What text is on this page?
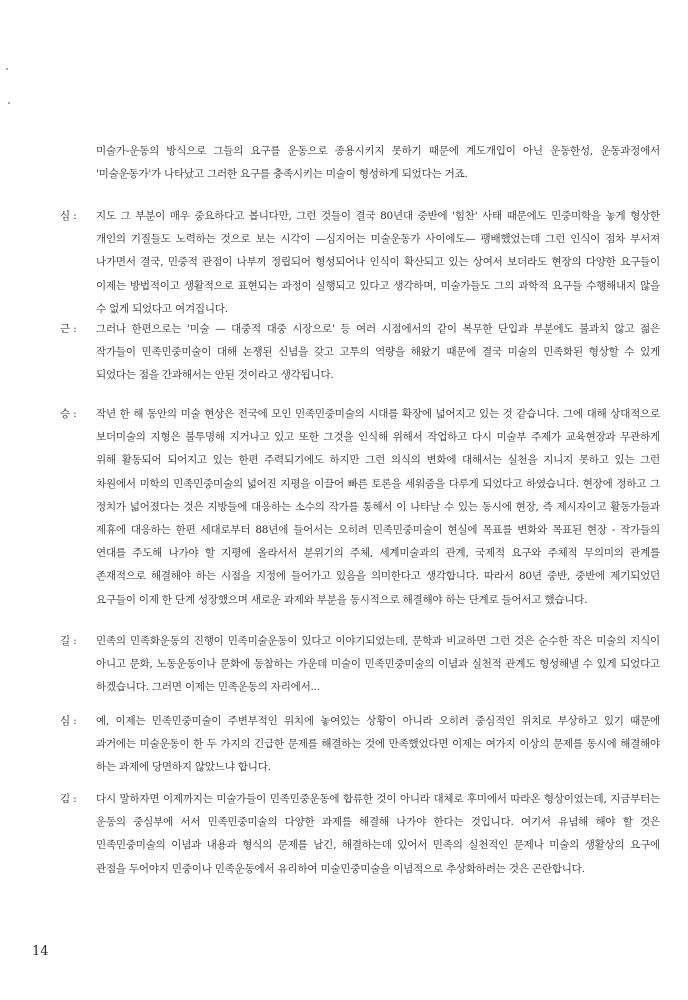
미술가-운동의 방식으로 그들의 요구를 운동으로 종용시키지 못하기 때문에 계도개입이 아닌 운동한성, 운동과정에서 '미술운동가'가 나타났고 그러한 요구를 충족시키는 미술이 형성하게 되었다는 거죠.
심 :	지도 그 부분이 매우 중요하다고 봅니다만, 그런 것들이 결국 80년대 중반에 '힘찬' 사태 때문에도 민중미학을 놓게 형상한 개인의 기질들도 노력하는 것으로 보는 시각이 —심지어는 미술운동가 사이에도— 팽배했었는데 그런 인식이 점차 부서져 나가면서 결국, 민중적 관점이 나부끼 정립되어 형성되어나 인식이 확산되고 있는 상여서 보더라도 현장의 다양한 요구들이 이제는 방법적이고 생활적으로 표현되는 과정이 실행되고 있다고 생각하며, 미술가들도 그의 과학적 요구들 수행해내지 않을 수 없게 되었다고 여겨집니다.
근 :	그러나 한편으로는 '미술 — 대중적 대중 시장으로' 등 여러 시점에서의 같이 복무한 단입과 부분에도 불과치 않고 젊은 작가들이 민족민중미술이 대해 논쟁된 신념을 갖고 고투의 역량을 해왔기 때문에 결국 미술의 민족화된 형상할 수 있게 되었다는 점을 간과해서는 안된 것이라고 생각됩니다.
승 :	작년 한 해 동안의 미술 현상은 전국에 모인 민족민중미술의 시대를 확장에 넓어지고 있는 것 같습니다. 그에 대해 상대적으로 보더미술의 지형은 불투명해 지거나고 있고 또한 그것을 인식해 위해서 작업하고 다시 미술부 주제가 교육현장과 무관하게 위해 활동되어 되어지고 있는 한편 주력되기에도 하지만 그런 의식의 변화에 대해서는 실천을 지니지 못하고 있는 그런 차원에서 미학의 민족민중미술의 넓어진 지평을 이끌어 빠른 토론을 세워줌을 다루게 되었다고 하였습니다. 현장에 정하고 그 정치가 넓어졌다는 것은 지방들에 대응하는 소수의 작가를 통해서 이 나타날 수 있는 동시에 현장, 즉 제시자이고 활동가들과 제휴에 대응하는 한편 세대로부터 88년에 들어서는 오히려 민족민중미술이 현실에 목표를 변화와 목표된 현장 - 작가들의 연대를 주도해 나가야 할 지평에 올라서서 분위기의 주체, 세계미술과의 관계, 국제적 요구와 주체적 무의미의 관계를 존재적으로 해결해야 하는 시점을 지정에 들어가고 있음을 의미한다고 생각합니다. 따라서 80년 중반, 중반에 제기되었던 요구들이 이제 한 단계 성장했으며 새로운 과제와 부분을 동시적으로 해결해야 하는 단계로 들어서고 했습니다.
길 :	민족의 민족화운동의 진행이 민족미술운동이 있다고 이야기되었는데, 문학과 비교하면 그런 것은 순수한 작은 미술의 지식이 아니고 문화, 노동운동이나 문화에 동참하는 가운데 미술이 민족민중미술의 이념과 실천적 관계도 형성해낼 수 있게 되었다고 하겠습니다. 그러면 이제는 민족운동의 자리에서...
심 :	예, 이제는 민족민중미술이 주변부적인 위치에 놓여있는 상황이 아니라 오히려 중심적인 위치로 부상하고 있기 때문에 과거에는 미술운동이 한 두 가지의 긴급한 문제를 해결하는 것에 만족했었다면 이제는 여가지 이상의 문제를 동시에 해결해야 하는 과제에 당면하지 않았느냐 합니다.
김 :	다시 말하자면 이제까지는 미술가들이 민족민중운동에 합류한 것이 아니라 대체로 후미에서 따라온 형상이었는데, 지금부터는 운동의 중심부에 서서 민족민중미술의 다양한 과제를 해결해 나가야 한다는 것입니다. 여기서 유념해 해야 할 것은 민족민중미술의 이념과 내용과 형식의 문제를 남긴, 해결하는데 있어서 민족의 실천적인 문제나 미술의 생활상의 요구에 관점을 두어야지 민중이나 민족운동에서 유리하여 미술민중미술을 이념적으로 추상화하려는 것은 곤란합니다.
14
